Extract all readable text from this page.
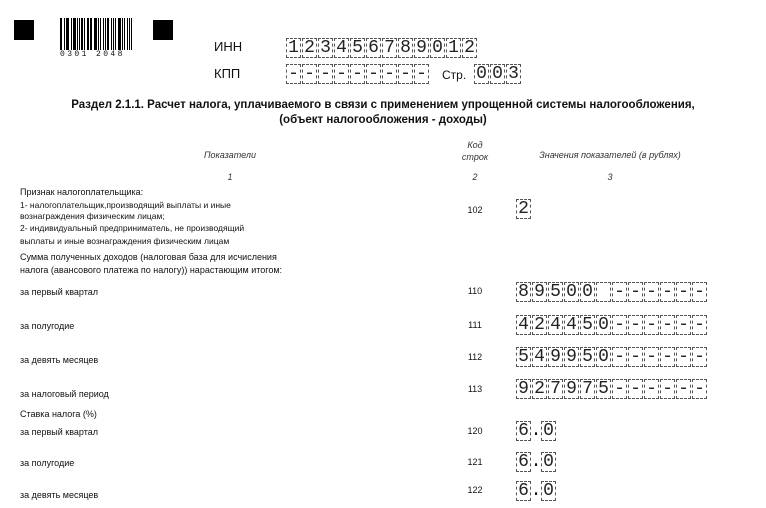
0301 2048
ИНН	1 2 3 4 5 6 7 8 9 0 1 2
КПП	- - - - - - - - - Стр. 0 0 3
Раздел 2.1.1. Расчет налога, уплачиваемого в связи с применением упрощенной системы налогообложения,
(объект налогообложения - доходы)
Показатели
Код
строк	Значения показателей (в рублях)
1	2	3
Признак налогоплательщика:
1- налогоплательщик,производящий выплаты и иные
вознаграждения физическим лицам;
2- индивидуальный предприниматель, не производящий
выплаты и иные вознаграждения физическим лицам
102	2
Сумма полученных доходов (налоговая база для исчисления
налога (авансового платежа по налогу)) нарастающим итогом:
за первый квартал	110	8 9 5 0 0 - - - - - -
за полугодие	111	4 2 4 4 5 0 - - - - - -
за девять месяцев	112	5 4 9 9 5 0 - - - - - -
за налоговый период	113	9 2 7 9 7 5 - - - - - -
Ставка налога (%)
за первый квартал	120	6 . 0
за полугодие	121	6 . 0
за девять месяцев	122	6 . 0
